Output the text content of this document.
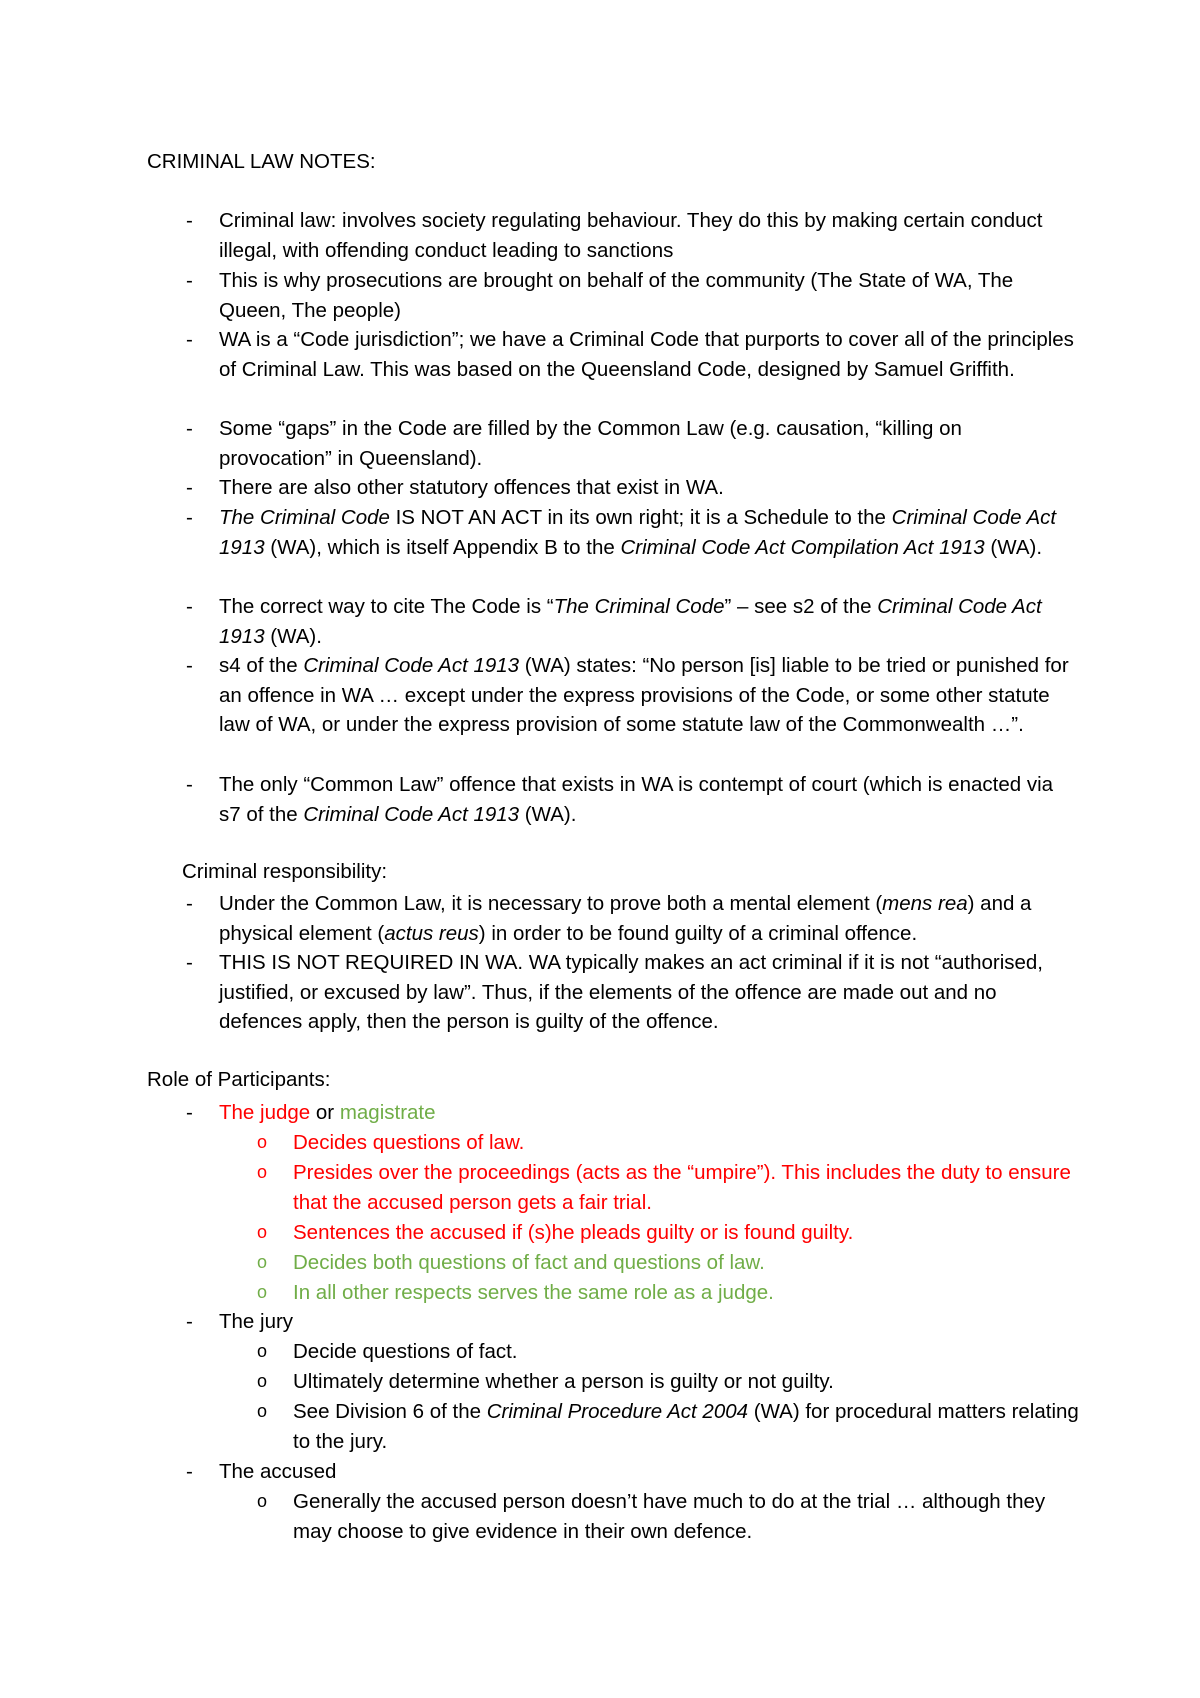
CRIMINAL LAW NOTES:
- Criminal law: involves society regulating behaviour. They do this by making certain conduct illegal, with offending conduct leading to sanctions
- This is why prosecutions are brought on behalf of the community (The State of WA, The Queen, The people)
- WA is a “Code jurisdiction”; we have a Criminal Code that purports to cover all of the principles of Criminal Law. This was based on the Queensland Code, designed by Samuel Griffith.
- Some “gaps” in the Code are filled by the Common Law (e.g. causation, “killing on provocation” in Queensland).
- There are also other statutory offences that exist in WA.
- The Criminal Code IS NOT AN ACT in its own right; it is a Schedule to the Criminal Code Act 1913 (WA), which is itself Appendix B to the Criminal Code Act Compilation Act 1913 (WA).
- The correct way to cite The Code is “The Criminal Code” – see s2 of the Criminal Code Act 1913 (WA).
- s4 of the Criminal Code Act 1913 (WA) states: “No person [is] liable to be tried or punished for an offence in WA … except under the express provisions of the Code, or some other statute law of WA, or under the express provision of some statute law of the Commonwealth …”.
- The only “Common Law” offence that exists in WA is contempt of court (which is enacted via s7 of the Criminal Code Act 1913 (WA).
Criminal responsibility:
- Under the Common Law, it is necessary to prove both a mental element (mens rea) and a physical element (actus reus) in order to be found guilty of a criminal offence.
- THIS IS NOT REQUIRED IN WA. WA typically makes an act criminal if it is not “authorised, justified, or excused by law”. Thus, if the elements of the offence are made out and no defences apply, then the person is guilty of the offence.
Role of Participants:
- The judge or magistrate
o Decides questions of law.
o Presides over the proceedings (acts as the “umpire”). This includes the duty to ensure that the accused person gets a fair trial.
o Sentences the accused if (s)he pleads guilty or is found guilty.
o Decides both questions of fact and questions of law.
o In all other respects serves the same role as a judge.
- The jury
o Decide questions of fact.
o Ultimately determine whether a person is guilty or not guilty.
o See Division 6 of the Criminal Procedure Act 2004 (WA) for procedural matters relating to the jury.
- The accused
o Generally the accused person doesn’t have much to do at the trial … although they may choose to give evidence in their own defence.
